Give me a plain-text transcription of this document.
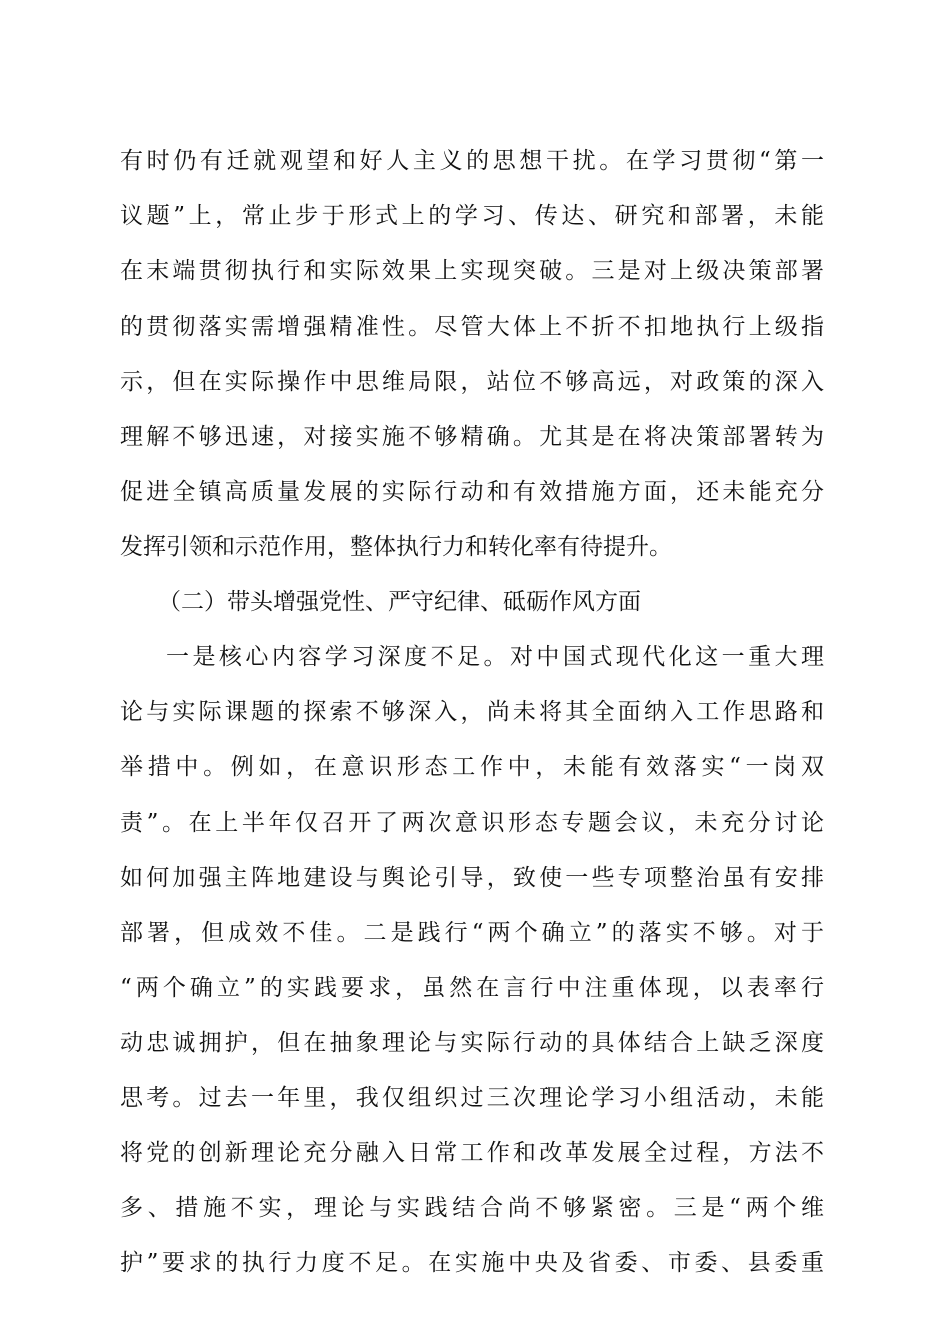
有时仍有迁就观望和好人主义的思想干扰。在学习贯彻“第一
议题”上，常止步于形式上的学习、传达、研究和部署，未能
在末端贯彻执行和实际效果上实现突破。三是对上级决策部署
的贯彻落实需增强精准性。尽管大体上不折不扣地执行上级指
示，但在实际操作中思维局限，站位不够高远，对政策的深入
理解不够迅速，对接实施不够精确。尤其是在将决策部署转为
促进全镇高质量发展的实际行动和有效措施方面，还未能充分
发挥引领和示范作用，整体执行力和转化率有待提升。
（二）带头增强党性、严守纪律、砥砺作风方面
一是核心内容学习深度不足。对中国式现代化这一重大理
论与实际课题的探索不够深入，尚未将其全面纳入工作思路和
举措中。例如，在意识形态工作中，未能有效落实“一岗双
责”。在上半年仅召开了两次意识形态专题会议，未充分讨论
如何加强主阵地建设与舆论引导，致使一些专项整治虽有安排
部署，但成效不佳。二是践行“两个确立”的落实不够。对于
“两个确立”的实践要求，虽然在言行中注重体现，以表率行
动忠诚拥护，但在抽象理论与实际行动的具体结合上缺乏深度
思考。过去一年里，我仅组织过三次理论学习小组活动，未能
将党的创新理论充分融入日常工作和改革发展全过程，方法不
多、措施不实，理论与实践结合尚不够紧密。三是“两个维
护”要求的执行力度不足。在实施中央及省委、市委、县委重
